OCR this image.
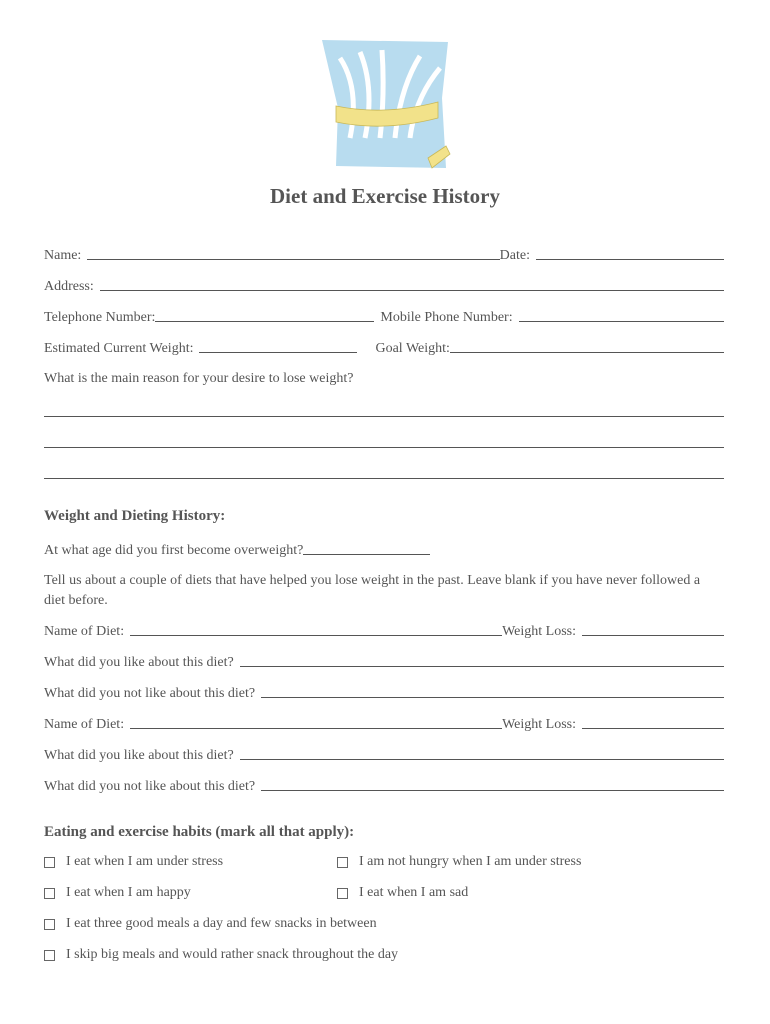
Diet and Exercise History
Name:	Date:
Address:
Telephone Number:	Mobile Phone Number:
Estimated Current Weight:	Goal Weight:
What is the main reason for your desire to lose weight?
Weight and Dieting History:
At what age did you first become overweight?
Tell us about a couple of diets that have helped you lose weight in the past. Leave blank if you have never followed a diet before.
Name of Diet:	Weight Loss:
What did you like about this diet?
What did you not like about this diet?
Name of Diet:	Weight Loss:
What did you like about this diet?
What did you not like about this diet?
Eating and exercise habits (mark all that apply):
I eat when I am under stress	I am not hungry when I am under stress
I eat when I am happy	I eat when I am sad
I eat three good meals a day and few snacks in between
I skip big meals and would rather snack throughout the day
